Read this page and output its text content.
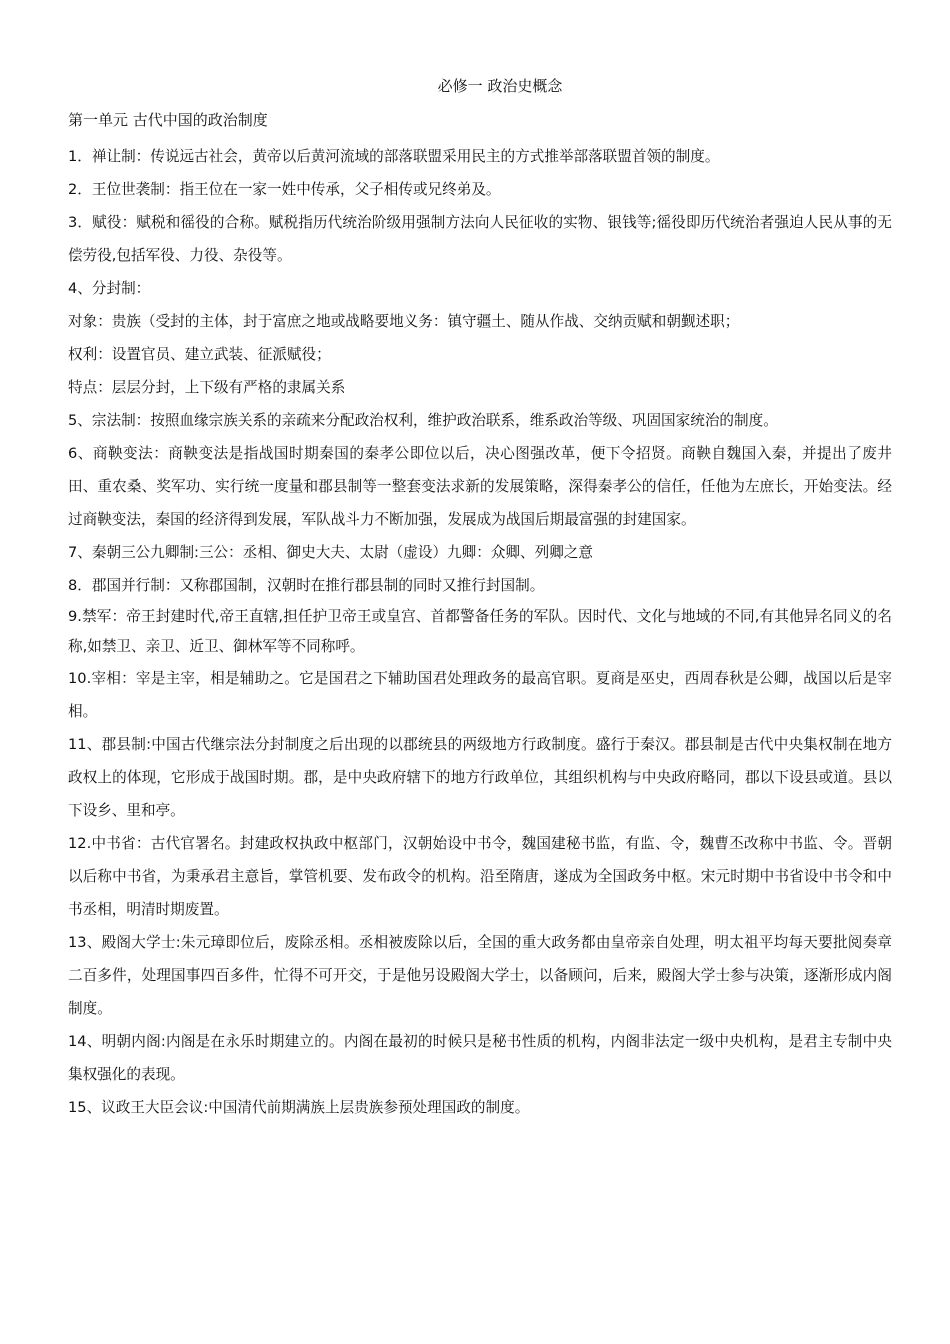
必修一 政治史概念
第一单元 古代中国的政治制度

1．禅让制：传说远古社会，黄帝以后黄河流域的部落联盟采用民主的方式推举部落联盟首领的制度。

2．王位世袭制：指王位在一家一姓中传承，父子相传或兄终弟及。

3．赋役：赋税和徭役的合称。赋税指历代统治阶级用强制方法向人民征收的实物、银钱等;徭役即历代统治者强迫人民从事的无偿劳役,包括军役、力役、杂役等。

4、分封制：

对象：贵族（受封的主体，封于富庶之地或战略要地义务：镇守疆土、随从作战、交纳贡赋和朝觐述职；

权利：设置官员、建立武装、征派赋役；

特点：层层分封，上下级有严格的隶属关系

5、宗法制：按照血缘宗族关系的亲疏来分配政治权利，维护政治联系，维系政治等级、巩固国家统治的制度。

6、商鞅变法：商鞅变法是指战国时期秦国的秦孝公即位以后，决心图强改革，便下令招贤。商鞅自魏国入秦，并提出了废井田、重农桑、奖军功、实行统一度量和郡县制等一整套变法求新的发展策略，深得秦孝公的信任，任他为左庶长，开始变法。经过商鞅变法，秦国的经济得到发展，军队战斗力不断加强，发展成为战国后期最富强的封建国家。

7、秦朝三公九卿制:三公：丞相、御史大夫、太尉（虚设）九卿：众卿、列卿之意

8．郡国并行制：又称郡国制，汉朝时在推行郡县制的同时又推行封国制。

9.禁军：帝王封建时代,帝王直辖,担任护卫帝王或皇宫、首都警备任务的军队。因时代、文化与地域的不同,有其他异名同义的名称,如禁卫、亲卫、近卫、御林军等不同称呼。

10.宰相：宰是主宰，相是辅助之。它是国君之下辅助国君处理政务的最高官职。夏商是巫史，西周春秋是公卿，战国以后是宰相。

11、郡县制:中国古代继宗法分封制度之后出现的以郡统县的两级地方行政制度。盛行于秦汉。郡县制是古代中央集权制在地方政权上的体现，它形成于战国时期。郡，是中央政府辖下的地方行政单位，其组织机构与中央政府略同，郡以下设县或道。县以下设乡、里和亭。

12.中书省：古代官署名。封建政权执政中枢部门，汉朝始设中书令，魏国建秘书监，有监、令，魏曹丕改称中书监、令。晋朝以后称中书省，为秉承君主意旨，掌管机要、发布政令的机构。沿至隋唐，遂成为全国政务中枢。宋元时期中书省设中书令和中书丞相，明清时期废置。

13、殿阁大学士:朱元璋即位后，废除丞相。丞相被废除以后，全国的重大政务都由皇帝亲自处理，明太祖平均每天要批阅奏章二百多件，处理国事四百多件，忙得不可开交，于是他另设殿阁大学士，以备顾问，后来，殿阁大学士参与决策，逐渐形成内阁制度。

14、明朝内阁:内阁是在永乐时期建立的。内阁在最初的时候只是秘书性质的机构，内阁非法定一级中央机构，是君主专制中央集权强化的表现。

15、议政王大臣会议:中国清代前期满族上层贵族参预处理国政的制度。
